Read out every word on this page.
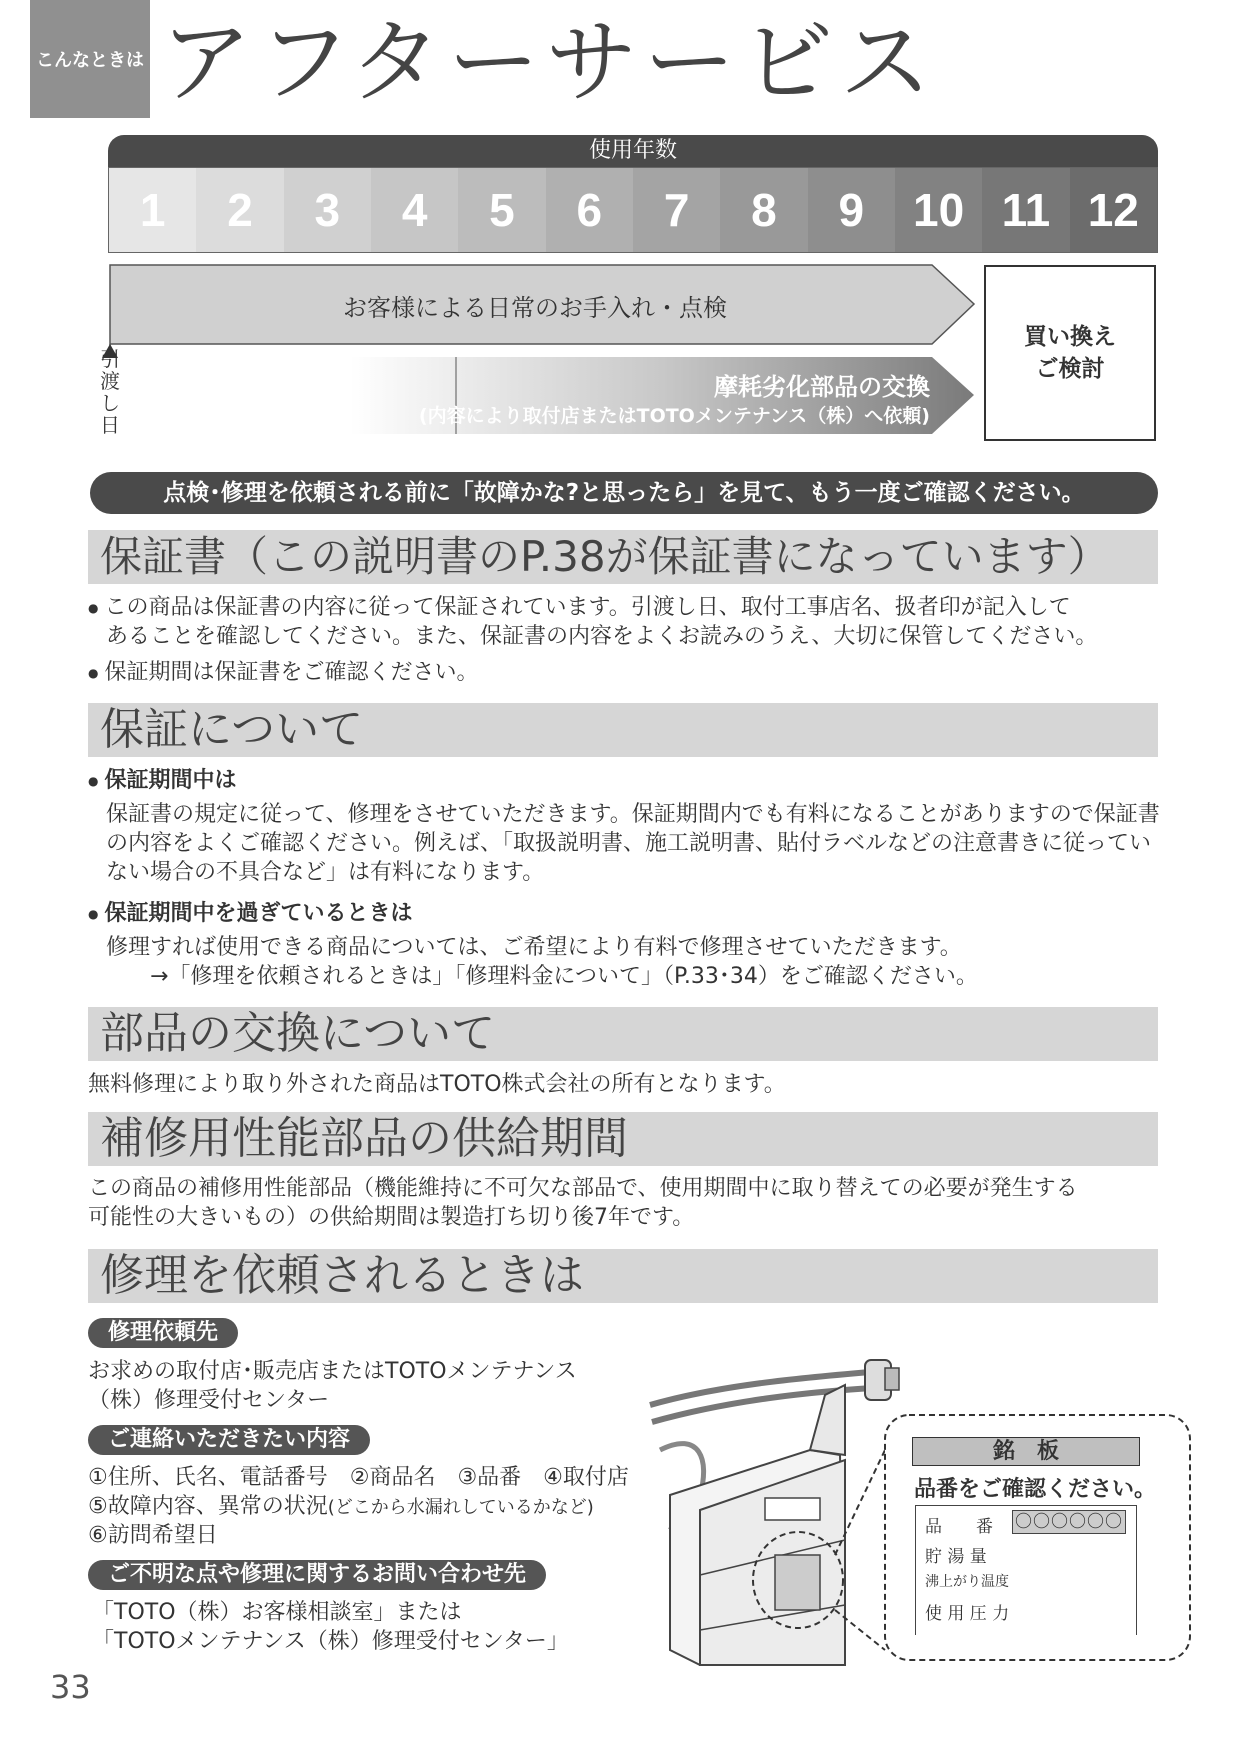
こんなときは アフターサービス
使用年数
1	2	3	4	5	6	7	8	9	10 11 12
お客様による日常のお手入れ・点検
摩耗劣化部品の交換
(内容により取付店またはTOTOメンテナンス（株）へ依頼)
買い換え
ご検討
引渡し日
点検･修理を依頼される前に「故障かな?と思ったら」を見て、もう一度ご確認ください。
保証書（この説明書のP.38が保証書になっています）
● この商品は保証書の内容に従って保証されています。引渡し日、取付工事店名、扱者印が記入して
あることを確認してください。また、保証書の内容をよくお読みのうえ、大切に保管してください。
● 保証期間は保証書をご確認ください。
保証について
● 保証期間中は
保証書の規定に従って、修理をさせていただきます。保証期間内でも有料になることがありますので保証書
の内容をよくご確認ください。例えば、「取扱説明書、施工説明書、貼付ラベルなどの注意書きに従ってい
ない場合の不具合など」は有料になります。
● 保証期間中を過ぎているときは
修理すれば使用できる商品については、ご希望により有料で修理させていただきます。
→「修理を依頼されるときは」「修理料金について」（P.33･34）をご確認ください。
部品の交換について
無料修理により取り外された商品はTOTO株式会社の所有となります。
補修用性能部品の供給期間
この商品の補修用性能部品（機能維持に不可欠な部品で、使用期間中に取り替えての必要が発生する
可能性の大きいもの）の供給期間は製造打ち切り後7年です。
修理を依頼されるときは
修理依頼先
お求めの取付店･販売店またはTOTOメンテナンス
（株）修理受付センター
ご連絡いただきたい内容
①住所、氏名、電話番号　②商品名　③品番　④取付店
⑤故障内容、異常の状況(どこから水漏れしているかなど)
⑥訪問希望日
ご不明な点や修理に関するお問い合わせ先
「TOTO（株）お客様相談室」または
「TOTOメンテナンス（株）修理受付センター」
銘　板
品番をご確認ください。
品　　番 〇〇〇〇〇〇
貯 湯 量
沸上がり温度
使 用 圧 力
33
